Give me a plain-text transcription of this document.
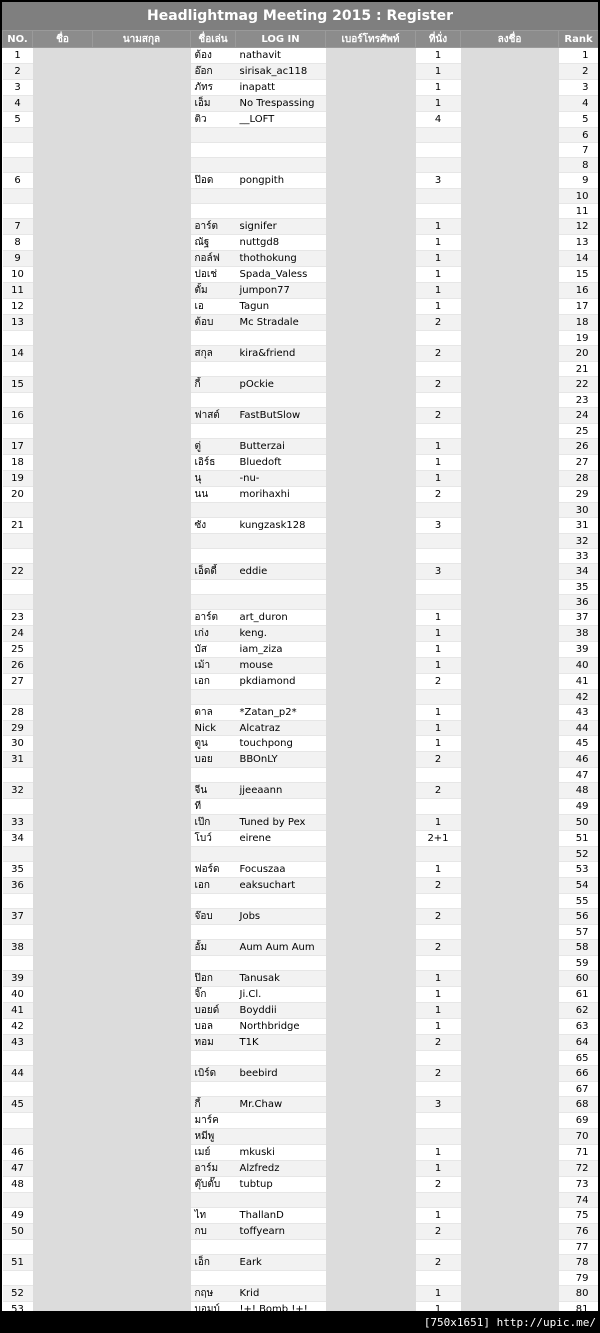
Headlightmag Meeting 2015 : Register
NO.	ชื่อ	นามสกุล	ชื่อเล่น	LOG IN	เบอร์โทรศัพท์	ที่นั่ง	ลงชื่อ	Rank
1			ต้อง	nathavit		1		1
2			อ๊อก	sirisak_ac118		1		2
3			ภัทร	inapatt		1		3
4			เอ็ม	No Trespassing		1		4
5			ติว	__LOFT		4		5
								6
								7
								8
6			ป๊อด	pongpith		3		9
								10
								11
7			อาร์ต	signifer		1		12
8			ณัฐ	nuttgd8		1		13
9			กอล์ฟ	thothokung		1		14
10			ปอเช่	Spada_Valess		1		15
11			ตั้ม	jumpon77		1		16
12			เอ	Tagun		1		17
13			ต้อบ	Mc Stradale		2		18
								19
14			สกุล	kira&friend		2		20
								21
15			กี้	pOckie		2		22
								23
16			ฟาสต์	FastButSlow		2		24
								25
17			ตู่	Butterzai		1		26
18			เอิร์ธ	Bluedoft		1		27
19			นุ	-nu-		1		28
20			นน	morihaxhi		2		29
								30
21			ซัง	kungzask128		3		31
								32
								33
22			เอ็ดดี้	eddie		3		34
								35
								36
23			อาร์ต	art_duron		1		37
24			เก่ง	keng.		1		38
25			บัส	iam_ziza		1		39
26			เม้า	mouse		1		40
27			เอก	pkdiamond		2		41
								42
28			ดาล	*Zatan_p2*		1		43
29			Nick	Alcatraz		1		44
30			ตูน	touchpong		1		45
31			บอย	BBOnLY		2		46
								47
32			จีน	jjeeaann		2		48
			ที					49
33			เป๊ก	Tuned by Pex		1		50
34			โบว์	eirene		2+1		51
								52
35			ฟอร์ด	Focuszaa		1		53
36			เอก	eaksuchart		2		54
								55
37			จ๊อบ	Jobs		2		56
								57
38			อั้ม	Aum Aum Aum		2		58
								59
39			ป๊อก	Tanusak		1		60
40			จิ๊ก	Ji.Cl.		1		61
41			บอยด์	Boyddii		1		62
42			บอล	Northbridge		1		63
43			ทอม	T1K		2		64
								65
44			เบิร์ด	beebird		2		66
								67
45			กี้	Mr.Chaw		3		68
			มาร์ค					69
			หมีพู					70
46			เมย์	mkuski		1		71
47			อาร์ม	Alzfredz		1		72
48			ตุ๊บตั๊บ	tubtup		2		73
								74
49			ไท	ThallanD		1		75
50			กบ	toffyearn		2		76
								77
51			เอ็ก	Eark		2		78
								79
52			กฤษ	Krid		1		80
53			บอมบ์	!+! Bomb !+!		1		81

[750x1651] http://upic.me/
